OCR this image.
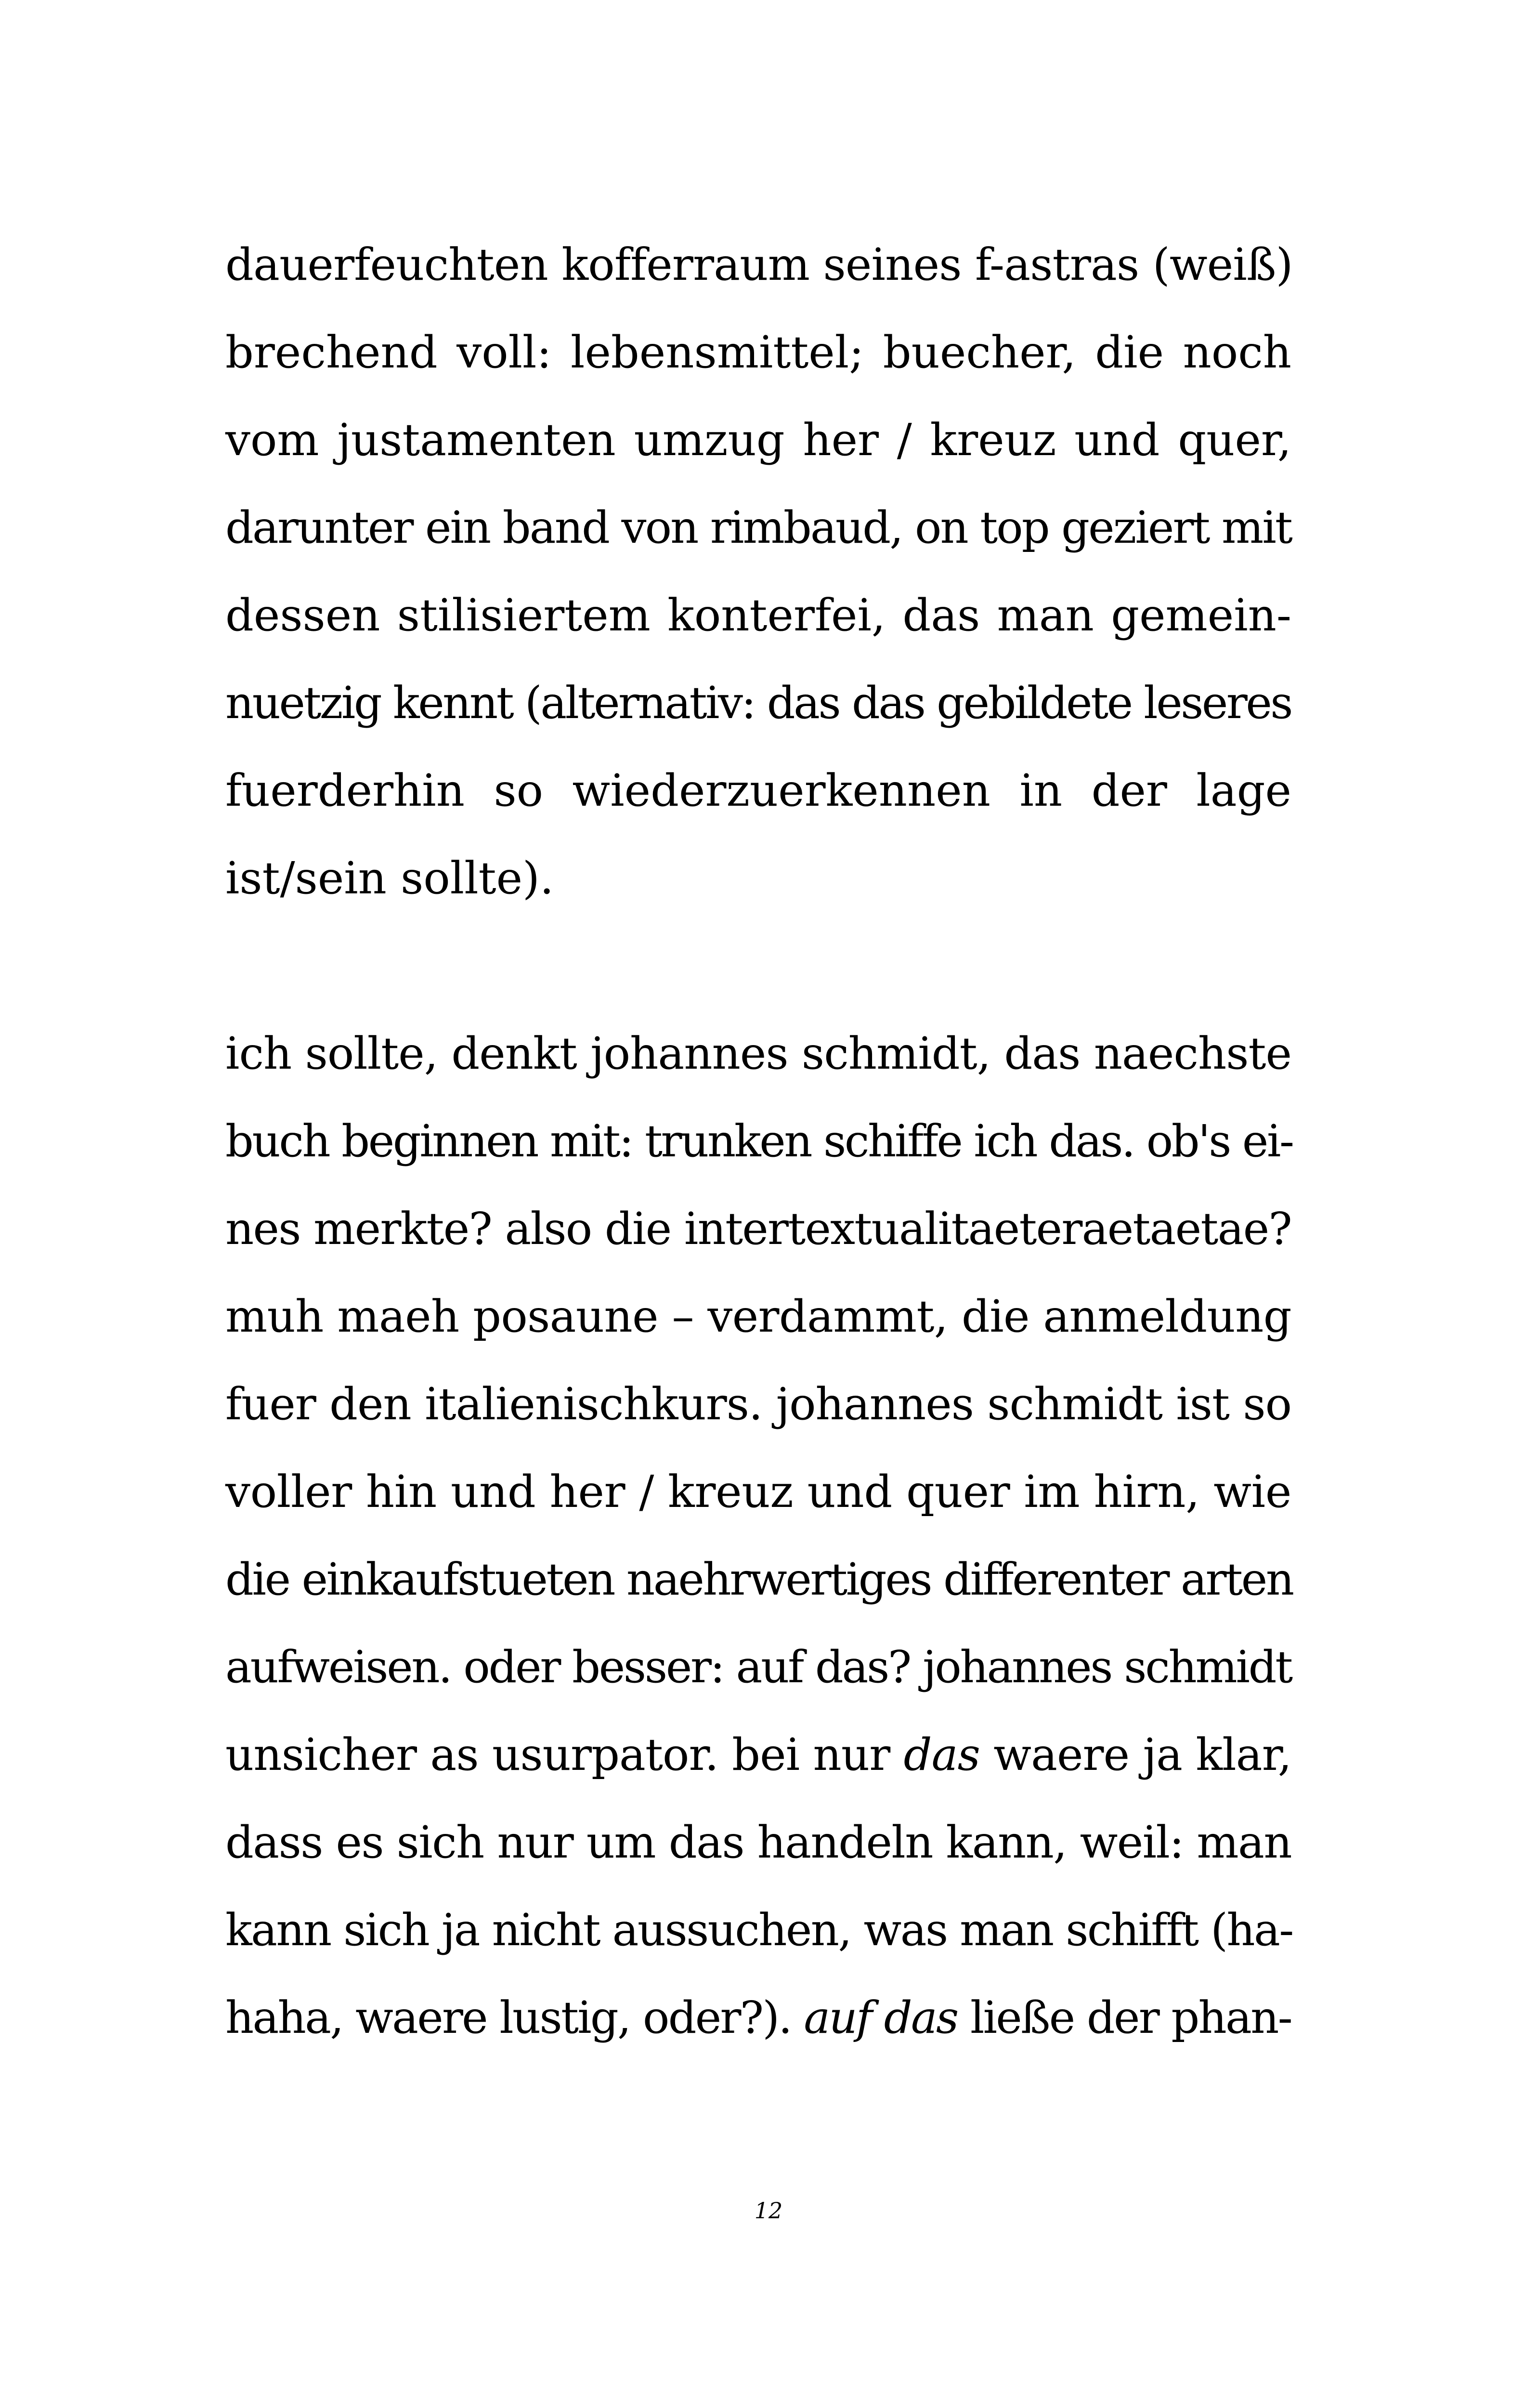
dauerfeuchten kofferraum seines f-astras (weiß)
brechend voll: lebensmittel; buecher, die noch
vom justamenten umzug her / kreuz und quer,
darunter ein band von rimbaud, on top geziert mit
dessen stilisiertem konterfei, das man gemein-
nuetzig kennt (alternativ: das das gebildete leseres
fuerderhin so wiederzuerkennen in der lage
ist/sein sollte).
ich sollte, denkt johannes schmidt, das naechste
buch beginnen mit: trunken schiffe ich das. ob's ei-
nes merkte? also die intertextualitaeteraetaetae?
muh maeh posaune – verdammt, die anmeldung
fuer den italienischkurs. johannes schmidt ist so
voller hin und her / kreuz und quer im hirn, wie
die einkaufstueten naehrwertiges differenter arten
aufweisen. oder besser: auf das? johannes schmidt
unsicher as usurpator. bei nur das waere ja klar,
dass es sich nur um das handeln kann, weil: man
kann sich ja nicht aussuchen, was man schifft (ha-
haha, waere lustig, oder?). auf das ließe der phan-
12
